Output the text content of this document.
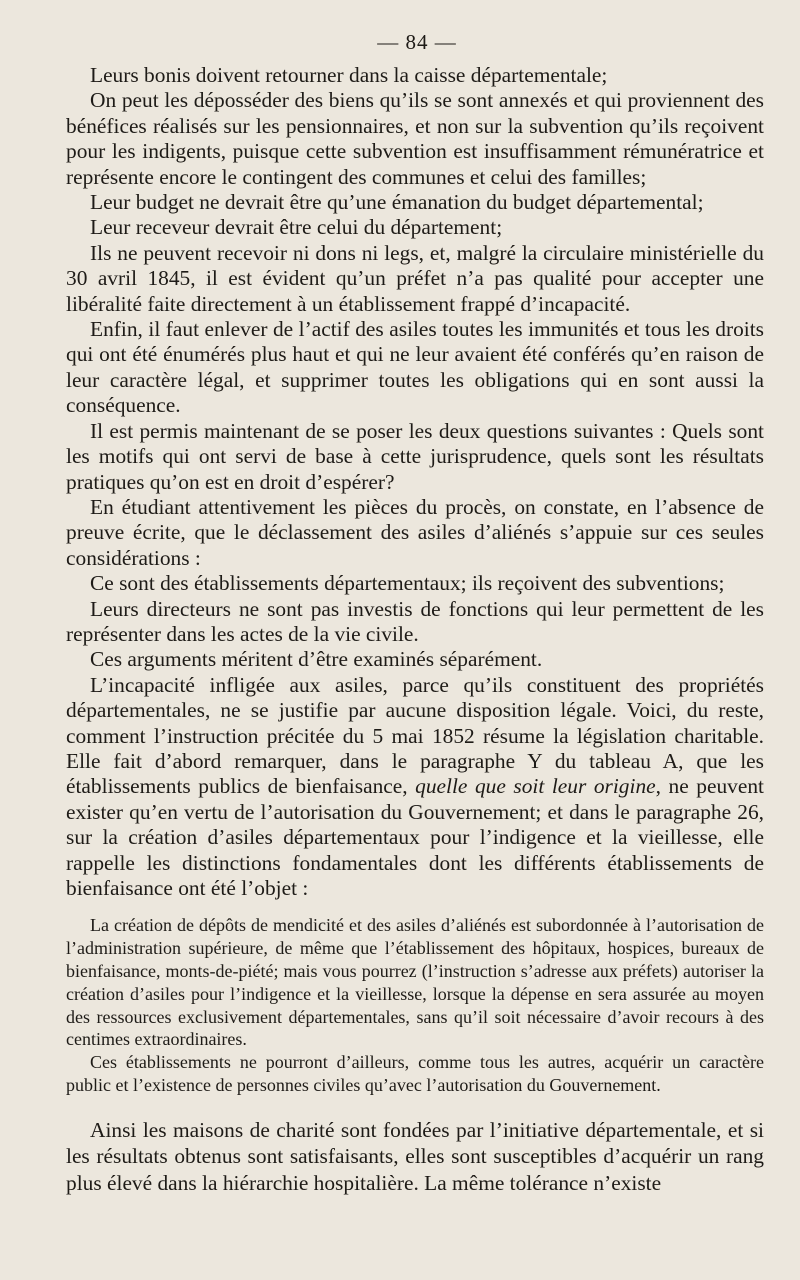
— 84 —

Leurs bonis doivent retourner dans la caisse départementale;

On peut les déposséder des biens qu’ils se sont annexés et qui proviennent des bénéfices réalisés sur les pensionnaires, et non sur la subvention qu’ils reçoivent pour les indigents, puisque cette subvention est insuffisamment rémunératrice et représente encore le contingent des communes et celui des familles;

Leur budget ne devrait être qu’une émanation du budget départemental;

Leur receveur devrait être celui du département;

Ils ne peuvent recevoir ni dons ni legs, et, malgré la circulaire ministérielle du 30 avril 1845, il est évident qu’un préfet n’a pas qualité pour accepter une libéralité faite directement à un établissement frappé d’incapacité.

Enfin, il faut enlever de l’actif des asiles toutes les immunités et tous les droits qui ont été énumérés plus haut et qui ne leur avaient été conférés qu’en raison de leur caractère légal, et supprimer toutes les obligations qui en sont aussi la conséquence.

Il est permis maintenant de se poser les deux questions suivantes : Quels sont les motifs qui ont servi de base à cette jurisprudence, quels sont les résultats pratiques qu’on est en droit d’espérer?

En étudiant attentivement les pièces du procès, on constate, en l’absence de preuve écrite, que le déclassement des asiles d’aliénés s’appuie sur ces seules considérations :

Ce sont des établissements départementaux; ils reçoivent des subventions;

Leurs directeurs ne sont pas investis de fonctions qui leur permettent de les représenter dans les actes de la vie civile.

Ces arguments méritent d’être examinés séparément.

L’incapacité infligée aux asiles, parce qu’ils constituent des propriétés départementales, ne se justifie par aucune disposition légale. Voici, du reste, comment l’instruction précitée du 5 mai 1852 résume la législation charitable. Elle fait d’abord remarquer, dans le paragraphe Y du tableau A, que les établissements publics de bienfaisance, quelle que soit leur origine, ne peuvent exister qu’en vertu de l’autorisation du Gouvernement; et dans le paragraphe 26, sur la création d’asiles départementaux pour l’indigence et la vieillesse, elle rappelle les distinctions fondamentales dont les différents établissements de bienfaisance ont été l’objet :

La création de dépôts de mendicité et des asiles d’aliénés est subordonnée à l’autorisation de l’administration supérieure, de même que l’établissement des hôpitaux, hospices, bureaux de bienfaisance, monts-de-piété; mais vous pourrez (l’instruction s’adresse aux préfets) autoriser la création d’asiles pour l’indigence et la vieillesse, lorsque la dépense en sera assurée au moyen des ressources exclusivement départementales, sans qu’il soit nécessaire d’avoir recours à des centimes extraordinaires.

Ces établissements ne pourront d’ailleurs, comme tous les autres, acquérir un caractère public et l’existence de personnes civiles qu’avec l’autorisation du Gouvernement.

Ainsi les maisons de charité sont fondées par l’initiative départementale, et si les résultats obtenus sont satisfaisants, elles sont susceptibles d’acquérir un rang plus élevé dans la hiérarchie hospitalière. La même tolérance n’existe
